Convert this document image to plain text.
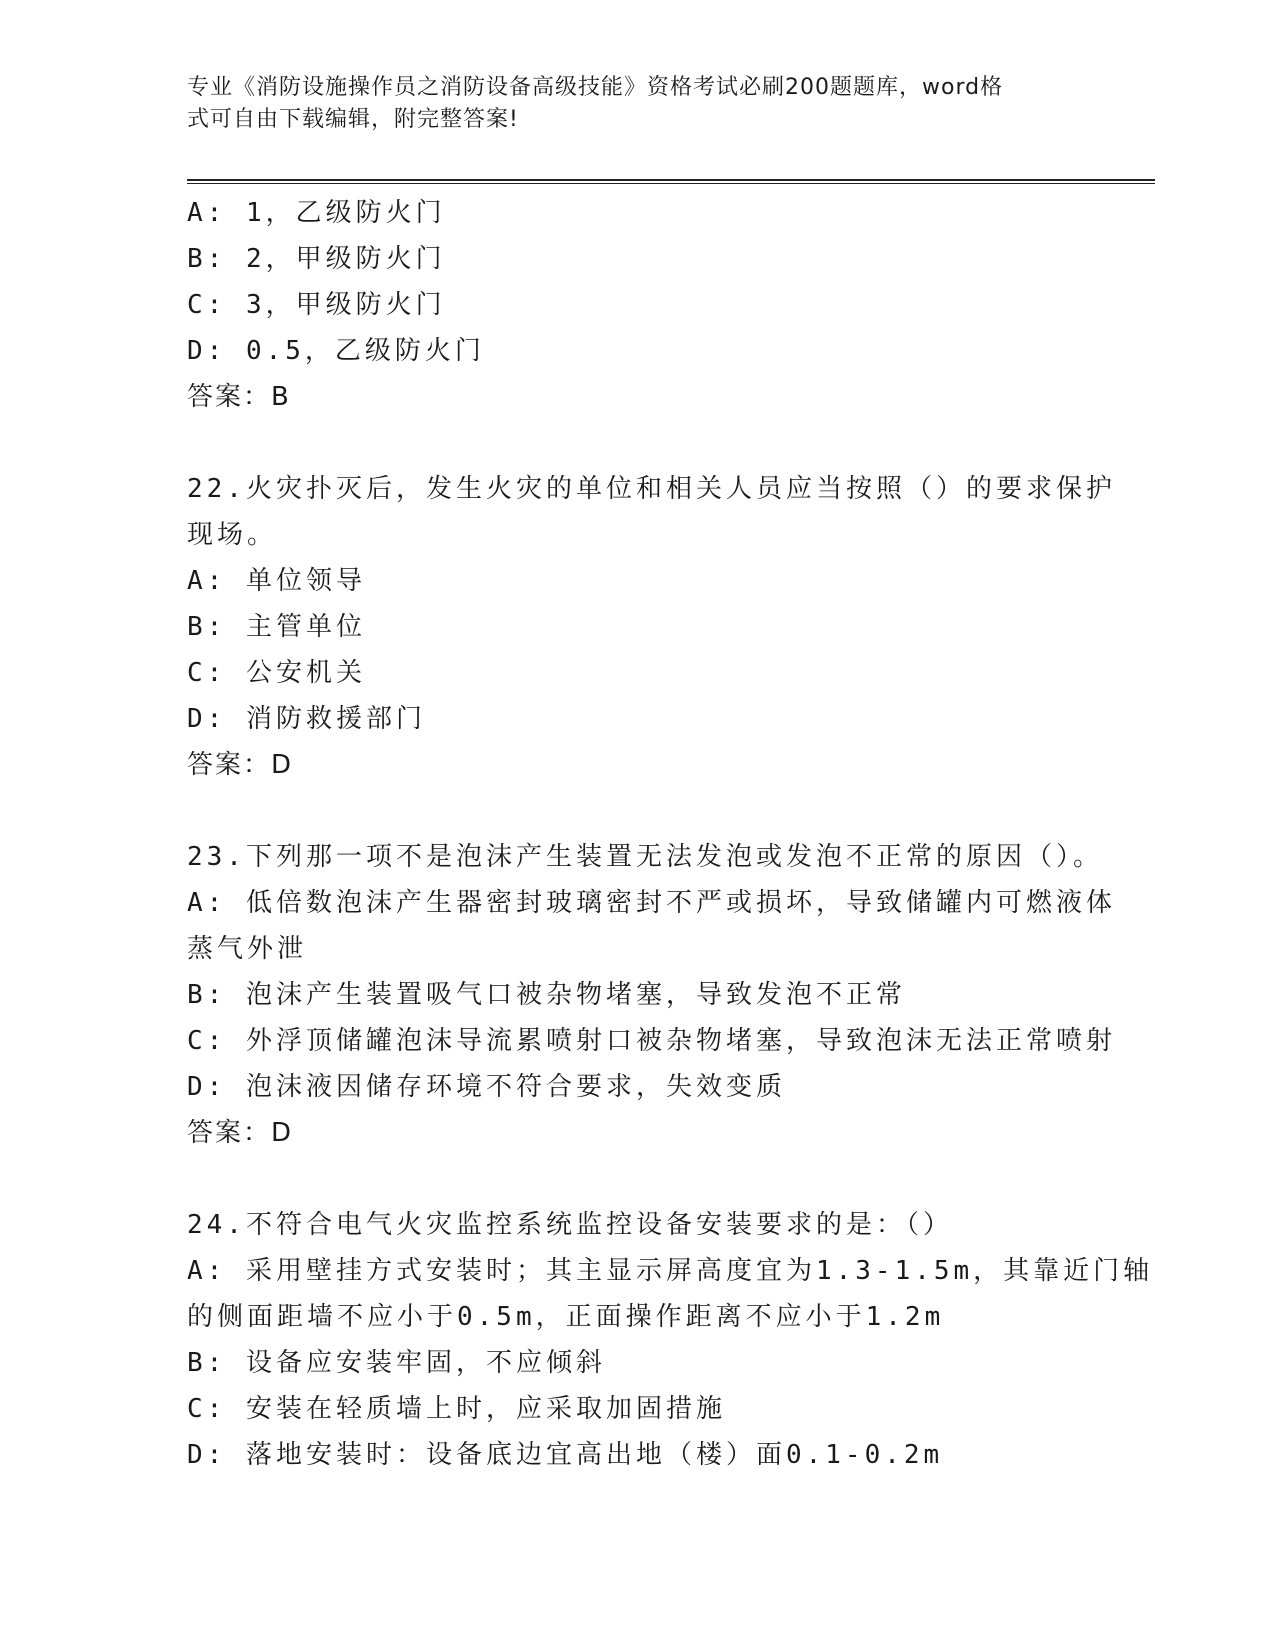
专业《消防设施操作员之消防设备高级技能》资格考试必刷200题题库，word格
式可自由下载编辑，附完整答案!
A: 1，乙级防火门
B: 2，甲级防火门
C: 3，甲级防火门
D: 0.5，乙级防火门
答案：B
22.火灾扑灭后，发生火灾的单位和相关人员应当按照（）的要求保护
现场。
A: 单位领导
B: 主管单位
C: 公安机关
D: 消防救援部门
答案：D
23.下列那一项不是泡沫产生装置无法发泡或发泡不正常的原因（）。
A: 低倍数泡沫产生器密封玻璃密封不严或损坏，导致储罐内可燃液体
蒸气外泄
B: 泡沫产生装置吸气口被杂物堵塞，导致发泡不正常
C: 外浮顶储罐泡沫导流累喷射口被杂物堵塞，导致泡沫无法正常喷射
D: 泡沫液因储存环境不符合要求，失效变质
答案：D
24.不符合电气火灾监控系统监控设备安装要求的是：（）
A: 采用壁挂方式安装时；其主显示屏高度宜为1.3-1.5m，其靠近门轴
的侧面距墙不应小于0.5m，正面操作距离不应小于1.2m
B: 设备应安装牢固，不应倾斜
C: 安装在轻质墙上时，应采取加固措施
D: 落地安装时：设备底边宜高出地（楼）面0.1-0.2m
